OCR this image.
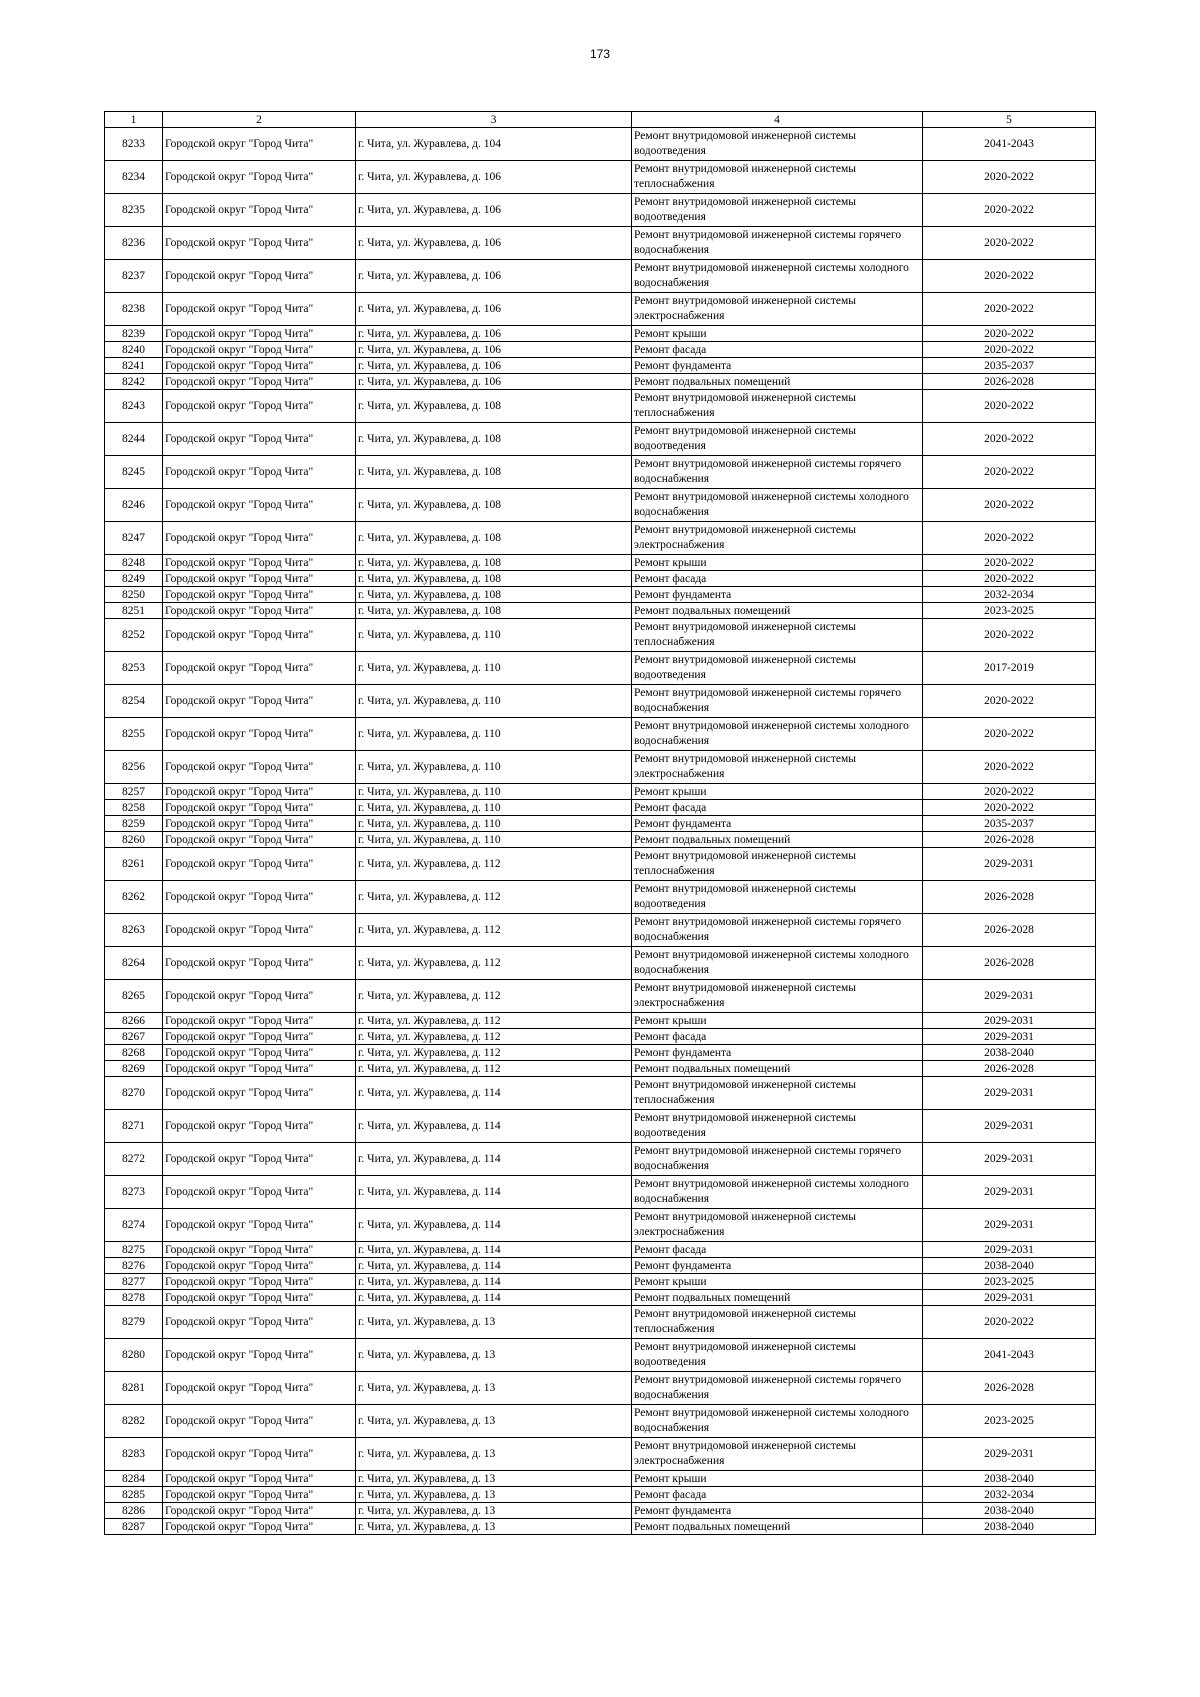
173
1	2	3	4	5
8233	Городской округ "Город Чита"	г. Чита, ул. Журавлева, д. 104	Ремонт внутридомовой инженерной системы водоотведения	2041-2043
8234	Городской округ "Город Чита"	г. Чита, ул. Журавлева, д. 106	Ремонт внутридомовой инженерной системы теплоснабжения	2020-2022
8235	Городской округ "Город Чита"	г. Чита, ул. Журавлева, д. 106	Ремонт внутридомовой инженерной системы водоотведения	2020-2022
8236	Городской округ "Город Чита"	г. Чита, ул. Журавлева, д. 106	Ремонт внутридомовой инженерной системы горячего водоснабжения	2020-2022
8237	Городской округ "Город Чита"	г. Чита, ул. Журавлева, д. 106	Ремонт внутридомовой инженерной системы холодного водоснабжения	2020-2022
8238	Городской округ "Город Чита"	г. Чита, ул. Журавлева, д. 106	Ремонт внутридомовой инженерной системы электроснабжения	2020-2022
8239	Городской округ "Город Чита"	г. Чита, ул. Журавлева, д. 106	Ремонт крыши	2020-2022
8240	Городской округ "Город Чита"	г. Чита, ул. Журавлева, д. 106	Ремонт фасада	2020-2022
8241	Городской округ "Город Чита"	г. Чита, ул. Журавлева, д. 106	Ремонт фундамента	2035-2037
8242	Городской округ "Город Чита"	г. Чита, ул. Журавлева, д. 106	Ремонт подвальных помещений	2026-2028
8243	Городской округ "Город Чита"	г. Чита, ул. Журавлева, д. 108	Ремонт внутридомовой инженерной системы теплоснабжения	2020-2022
8244	Городской округ "Город Чита"	г. Чита, ул. Журавлева, д. 108	Ремонт внутридомовой инженерной системы водоотведения	2020-2022
8245	Городской округ "Город Чита"	г. Чита, ул. Журавлева, д. 108	Ремонт внутридомовой инженерной системы горячего водоснабжения	2020-2022
8246	Городской округ "Город Чита"	г. Чита, ул. Журавлева, д. 108	Ремонт внутридомовой инженерной системы холодного водоснабжения	2020-2022
8247	Городской округ "Город Чита"	г. Чита, ул. Журавлева, д. 108	Ремонт внутридомовой инженерной системы электроснабжения	2020-2022
8248	Городской округ "Город Чита"	г. Чита, ул. Журавлева, д. 108	Ремонт крыши	2020-2022
8249	Городской округ "Город Чита"	г. Чита, ул. Журавлева, д. 108	Ремонт фасада	2020-2022
8250	Городской округ "Город Чита"	г. Чита, ул. Журавлева, д. 108	Ремонт фундамента	2032-2034
8251	Городской округ "Город Чита"	г. Чита, ул. Журавлева, д. 108	Ремонт подвальных помещений	2023-2025
8252	Городской округ "Город Чита"	г. Чита, ул. Журавлева, д. 110	Ремонт внутридомовой инженерной системы теплоснабжения	2020-2022
8253	Городской округ "Город Чита"	г. Чита, ул. Журавлева, д. 110	Ремонт внутридомовой инженерной системы водоотведения	2017-2019
8254	Городской округ "Город Чита"	г. Чита, ул. Журавлева, д. 110	Ремонт внутридомовой инженерной системы горячего водоснабжения	2020-2022
8255	Городской округ "Город Чита"	г. Чита, ул. Журавлева, д. 110	Ремонт внутридомовой инженерной системы холодного водоснабжения	2020-2022
8256	Городской округ "Город Чита"	г. Чита, ул. Журавлева, д. 110	Ремонт внутридомовой инженерной системы электроснабжения	2020-2022
8257	Городской округ "Город Чита"	г. Чита, ул. Журавлева, д. 110	Ремонт крыши	2020-2022
8258	Городской округ "Город Чита"	г. Чита, ул. Журавлева, д. 110	Ремонт фасада	2020-2022
8259	Городской округ "Город Чита"	г. Чита, ул. Журавлева, д. 110	Ремонт фундамента	2035-2037
8260	Городской округ "Город Чита"	г. Чита, ул. Журавлева, д. 110	Ремонт подвальных помещений	2026-2028
8261	Городской округ "Город Чита"	г. Чита, ул. Журавлева, д. 112	Ремонт внутридомовой инженерной системы теплоснабжения	2029-2031
8262	Городской округ "Город Чита"	г. Чита, ул. Журавлева, д. 112	Ремонт внутридомовой инженерной системы водоотведения	2026-2028
8263	Городской округ "Город Чита"	г. Чита, ул. Журавлева, д. 112	Ремонт внутридомовой инженерной системы горячего водоснабжения	2026-2028
8264	Городской округ "Город Чита"	г. Чита, ул. Журавлева, д. 112	Ремонт внутридомовой инженерной системы холодного водоснабжения	2026-2028
8265	Городской округ "Город Чита"	г. Чита, ул. Журавлева, д. 112	Ремонт внутридомовой инженерной системы электроснабжения	2029-2031
8266	Городской округ "Город Чита"	г. Чита, ул. Журавлева, д. 112	Ремонт крыши	2029-2031
8267	Городской округ "Город Чита"	г. Чита, ул. Журавлева, д. 112	Ремонт фасада	2029-2031
8268	Городской округ "Город Чита"	г. Чита, ул. Журавлева, д. 112	Ремонт фундамента	2038-2040
8269	Городской округ "Город Чита"	г. Чита, ул. Журавлева, д. 112	Ремонт подвальных помещений	2026-2028
8270	Городской округ "Город Чита"	г. Чита, ул. Журавлева, д. 114	Ремонт внутридомовой инженерной системы теплоснабжения	2029-2031
8271	Городской округ "Город Чита"	г. Чита, ул. Журавлева, д. 114	Ремонт внутридомовой инженерной системы водоотведения	2029-2031
8272	Городской округ "Город Чита"	г. Чита, ул. Журавлева, д. 114	Ремонт внутридомовой инженерной системы горячего водоснабжения	2029-2031
8273	Городской округ "Город Чита"	г. Чита, ул. Журавлева, д. 114	Ремонт внутридомовой инженерной системы холодного водоснабжения	2029-2031
8274	Городской округ "Город Чита"	г. Чита, ул. Журавлева, д. 114	Ремонт внутридомовой инженерной системы электроснабжения	2029-2031
8275	Городской округ "Город Чита"	г. Чита, ул. Журавлева, д. 114	Ремонт фасада	2029-2031
8276	Городской округ "Город Чита"	г. Чита, ул. Журавлева, д. 114	Ремонт фундамента	2038-2040
8277	Городской округ "Город Чита"	г. Чита, ул. Журавлева, д. 114	Ремонт крыши	2023-2025
8278	Городской округ "Город Чита"	г. Чита, ул. Журавлева, д. 114	Ремонт подвальных помещений	2029-2031
8279	Городской округ "Город Чита"	г. Чита, ул. Журавлева, д. 13	Ремонт внутридомовой инженерной системы теплоснабжения	2020-2022
8280	Городской округ "Город Чита"	г. Чита, ул. Журавлева, д. 13	Ремонт внутридомовой инженерной системы водоотведения	2041-2043
8281	Городской округ "Город Чита"	г. Чита, ул. Журавлева, д. 13	Ремонт внутридомовой инженерной системы горячего водоснабжения	2026-2028
8282	Городской округ "Город Чита"	г. Чита, ул. Журавлева, д. 13	Ремонт внутридомовой инженерной системы холодного водоснабжения	2023-2025
8283	Городской округ "Город Чита"	г. Чита, ул. Журавлева, д. 13	Ремонт внутридомовой инженерной системы электроснабжения	2029-2031
8284	Городской округ "Город Чита"	г. Чита, ул. Журавлева, д. 13	Ремонт крыши	2038-2040
8285	Городской округ "Город Чита"	г. Чита, ул. Журавлева, д. 13	Ремонт фасада	2032-2034
8286	Городской округ "Город Чита"	г. Чита, ул. Журавлева, д. 13	Ремонт фундамента	2038-2040
8287	Городской округ "Город Чита"	г. Чита, ул. Журавлева, д. 13	Ремонт подвальных помещений	2038-2040
